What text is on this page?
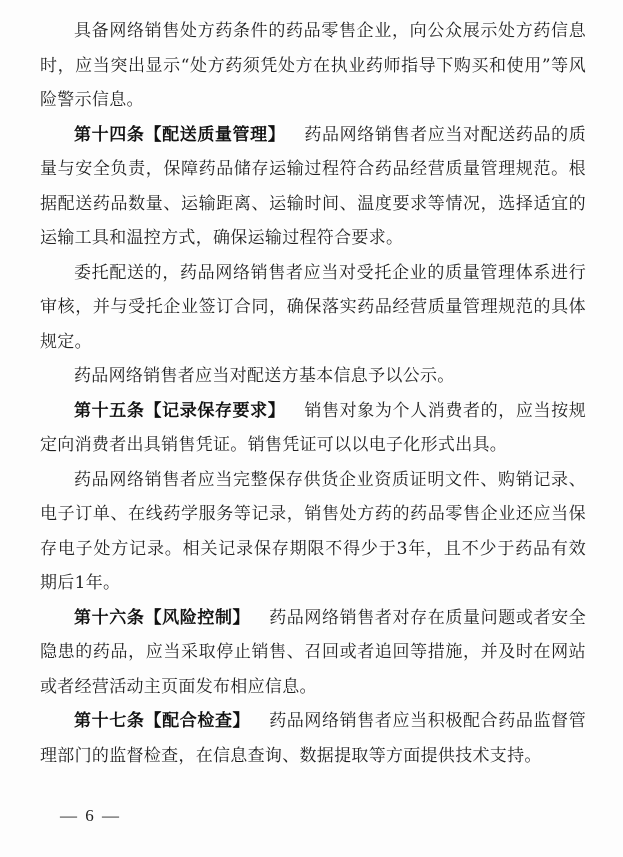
具备网络销售处方药条件的药品零售企业，向公众展示处方药信息时，应当突出显示“处方药须凭处方在执业药师指导下购买和使用”等风险警示信息。

第十四条【配送质量管理】 药品网络销售者应当对配送药品的质量与安全负责，保障药品储存运输过程符合药品经营质量管理规范。根据配送药品数量、运输距离、运输时间、温度要求等情况，选择适宜的运输工具和温控方式，确保运输过程符合要求。

委托配送的，药品网络销售者应当对受托企业的质量管理体系进行审核，并与受托企业签订合同，确保落实药品经营质量管理规范的具体规定。

药品网络销售者应当对配送方基本信息予以公示。

第十五条【记录保存要求】 销售对象为个人消费者的，应当按规定向消费者出具销售凭证。销售凭证可以以电子化形式出具。

药品网络销售者应当完整保存供货企业资质证明文件、购销记录、电子订单、在线药学服务等记录，销售处方药的药品零售企业还应当保存电子处方记录。相关记录保存期限不得少于3年，且不少于药品有效期后1年。

第十六条【风险控制】 药品网络销售者对存在质量问题或者安全隐患的药品，应当采取停止销售、召回或者追回等措施，并及时在网站或者经营活动主页面发布相应信息。

第十七条【配合检查】 药品网络销售者应当积极配合药品监督管理部门的监督检查，在信息查询、数据提取等方面提供技术支持。

— 6 —
